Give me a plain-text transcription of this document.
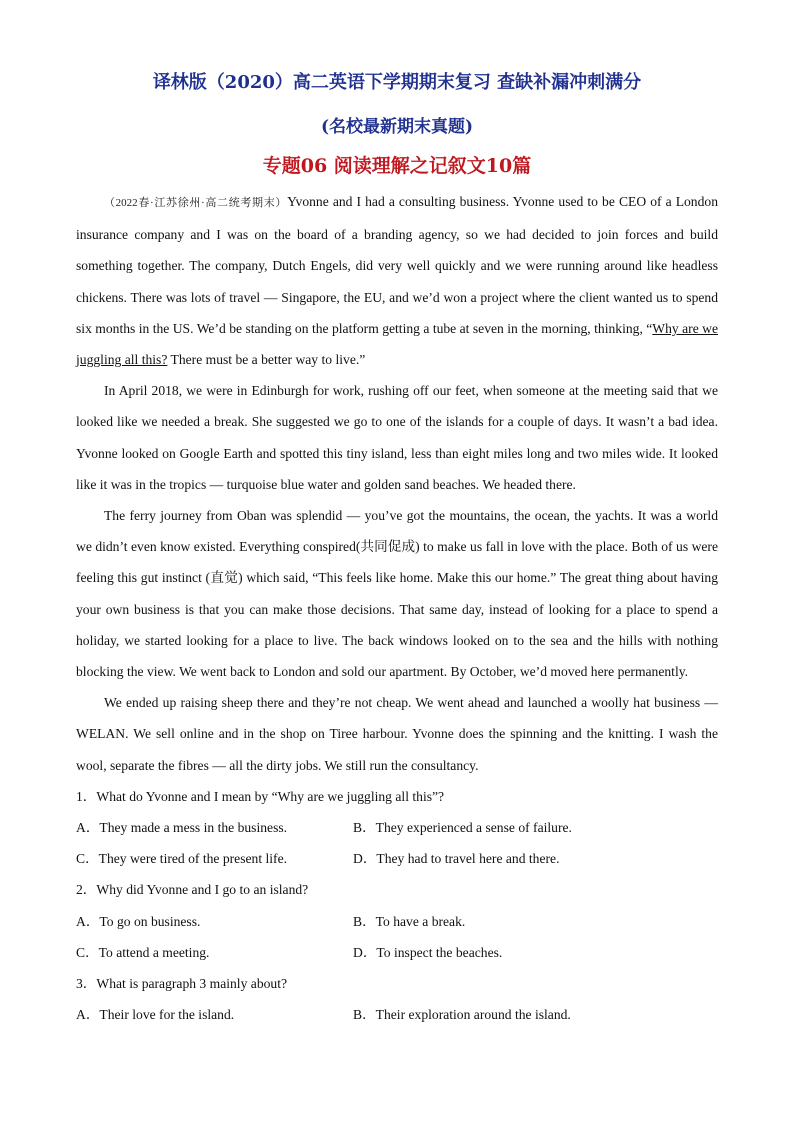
译林版（2020）高二英语下学期期末复习 查缺补漏冲刺满分
(名校最新期末真题)
专题06 阅读理解之记叙文10篇

（2022春·江苏徐州·高二统考期末）Yvonne and I had a consulting business. Yvonne used to be CEO of a London insurance company and I was on the board of a branding agency, so we had decided to join forces and build something together. The company, Dutch Engels, did very well quickly and we were running around like headless chickens. There was lots of travel — Singapore, the EU, and we’d won a project where the client wanted us to spend six months in the US. We’d be standing on the platform getting a tube at seven in the morning, thinking, “Why are we juggling all this? There must be a better way to live.”

In April 2018, we were in Edinburgh for work, rushing off our feet, when someone at the meeting said that we looked like we needed a break. She suggested we go to one of the islands for a couple of days. It wasn’t a bad idea. Yvonne looked on Google Earth and spotted this tiny island, less than eight miles long and two miles wide. It looked like it was in the tropics — turquoise blue water and golden sand beaches. We headed there.

The ferry journey from Oban was splendid — you’ve got the mountains, the ocean, the yachts. It was a world we didn’t even know existed. Everything conspired(共同促成) to make us fall in love with the place. Both of us were feeling this gut instinct (直觉) which said, “This feels like home. Make this our home.” The great thing about having your own business is that you can make those decisions. That same day, instead of looking for a place to spend a holiday, we started looking for a place to live. The back windows looked on to the sea and the hills with nothing blocking the view. We went back to London and sold our apartment. By October, we’d moved here permanently.

We ended up raising sheep there and they’re not cheap. We went ahead and launched a woolly hat business — WELAN. We sell online and in the shop on Tiree harbour. Yvonne does the spinning and the knitting. I wash the wool, separate the fibres — all the dirty jobs. We still run the consultancy.

1．What do Yvonne and I mean by “Why are we juggling all this”?
A．They made a mess in the business.	B．They experienced a sense of failure.
C．They were tired of the present life.	D．They had to travel here and there.
2．Why did Yvonne and I go to an island?
A．To go on business.	B．To have a break.
C．To attend a meeting.	D．To inspect the beaches.
3．What is paragraph 3 mainly about?
A．Their love for the island.	B．Their exploration around the island.
